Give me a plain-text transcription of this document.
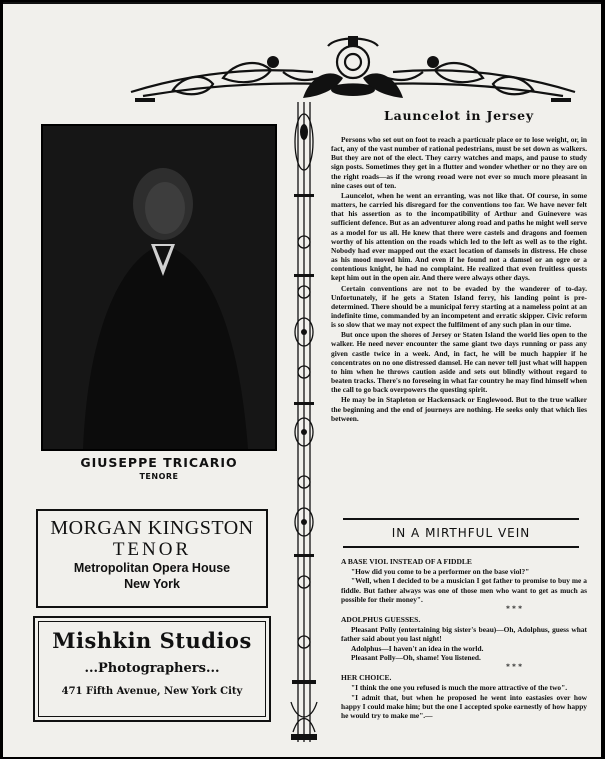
GIUSEPPE TRICARIO
TENORE
MORGAN KINGSTON
TENOR
Metropolitan Opera House
New York
Mishkin Studios
...Photographers...
471 Fifth Avenue, New York City
Launcelot in Jersey

Persons who set out on foot to reach a particualr place or to lose weight, or, in fact, any of the vast number of rational pedestrians, must be set down as walkers. But they are not of the elect. They carry watches and maps, and pause to study sign posts. Sometimes they get in a flutter and wonder whether or no they are on the right roads—as if the wrong reoad were not ever so much more pleasant in nine cases out of ten.

Launcelot, when he went an erranting, was not like that. Of course, in some matters, he carried his disregard for the conventions too far. We have never felt that his assertion as to the incompatibility of Arthur and Guinevere was sufficient defence. But as an adventurer along road and paths he might well serve as a model for us all. He knew that there were castels and dragons and foemen worthy of his attention on the roads which led to the left as well as to the right. Nobody had ever mapped out the exact location of damsels in distress. He chose as his mood moved him. And even if he found not a damsel or an ogre or a contentious knight, he had no complaint. He realized that even fruitless quests kept him out in the open air. And there were always other days.

Certain conventions are not to be evaded by the wanderer of to-day. Unfortunately, if he gets a Staten Island ferry, his landing point is pre-determined. There should be a municipal ferry starting at a nameless point at an indefinite time, commanded by an incompetent and erratic skipper. Civic reform is so slow that we may not expect the fulfilment of any such plan in our time.

But once upon the shores of Jersey or Staten Island the world lies open to the walker. He need never encounter the same giant two days running or pass any given castle twice in a week. And, in fact, he will be much happier if he concentrates on no one distressed damsel. He can never tell just what will happen to him when he throws caution aside and sets out blindly without regard to beaten tracks. There's no foreseing in what far country he may find himself when the call to go back overpowers the questing spirit.

He may be in Stapleton or Hackensack or Englewood. But to the true walker the beginning and the end of journeys are nothing. He seeks only that which lies between.

IN A MIRTHFUL VEIN
A BASE VIOL INSTEAD OF A FIDDLE

"How did you come to be a performer on the base viol?"

"Well, when I decided to be a musician I got father to promise to buy me a fiddle. But father always was one of those men who want to get as much as possible for their money".

* * *
ADOLPHUS GUESSES.

Pleasant Polly (entertaining big sister's beau)—Oh, Adolphus, guess what father said about you last night!

Adolphus—I haven't an idea in the world.

Pleasant Polly—Oh, shame! You listened.

* * *
HER CHOICE.

"I think the one you refused is much the more attractive of the two".

"I admit that, but when he proposed he went into eastasies over how happy I could make him; but the one I accepted spoke earnestly of how happy he would try to make me".—
